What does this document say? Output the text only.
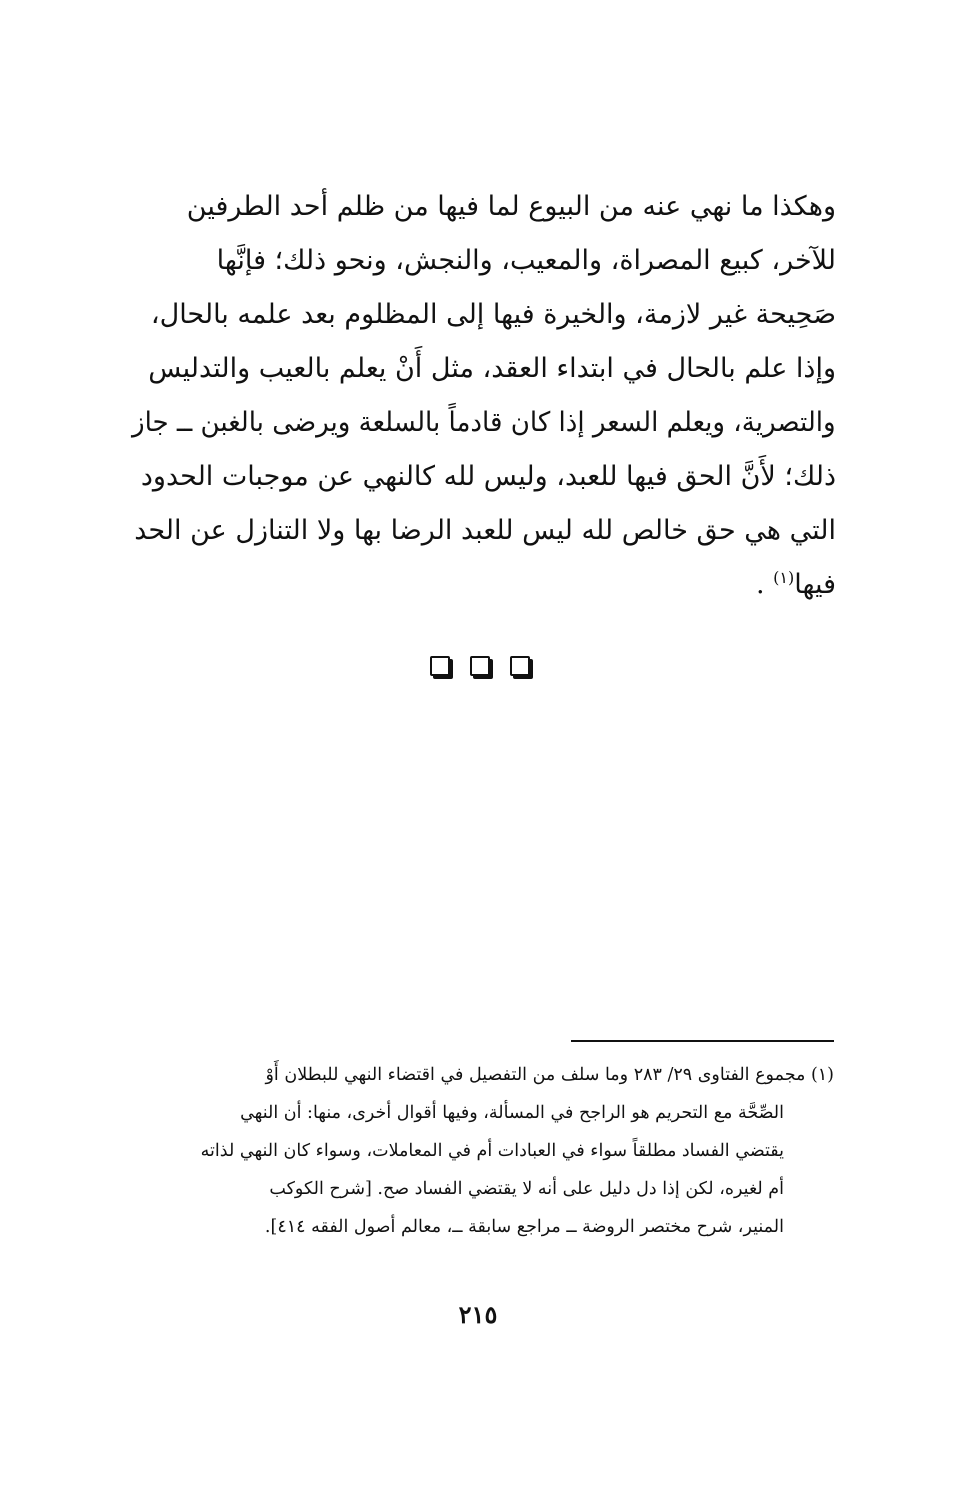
وهكذا ما نهي عنه من البيوع لما فيها من ظلم أحد الطرفين
للآخر، كبيع المصراة، والمعيب، والنجش، ونحو ذلك؛ فإنَّها
صَحِيحة غير لازمة، والخيرة فيها إلى المظلوم بعد علمه بالحال،
وإذا علم بالحال في ابتداء العقد، مثل أَنْ يعلم بالعيب والتدليس
والتصرية، ويعلم السعر إذا كان قادماً بالسلعة ويرضى بالغبن ــ جاز
ذلك؛ لأَنَّ الحق فيها للعبد، وليس لله كالنهي عن موجبات الحدود
التي هي حق خالص لله ليس للعبد الرضا بها ولا التنازل عن الحد
فيها$^{(١)}$ .
(١) مجموع الفتاوى ٢٩/ ٢٨٣ وما سلف من التفصيل في اقتضاء النهي للبطلان أَوْ
الصِّحَّة مع التحريم هو الراجح في المسألة، وفيها أقوال أخرى، منها: أن النهي
يقتضي الفساد مطلقاً سواء في العبادات أم في المعاملات، وسواء كان النهي لذاته
أم لغيره، لكن إذا دل دليل على أنه لا يقتضي الفساد صح. [شرح الكوكب
المنير، شرح مختصر الروضة ــ مراجع سابقة ــ، معالم أصول الفقه ٤١٤].
٢١٥
